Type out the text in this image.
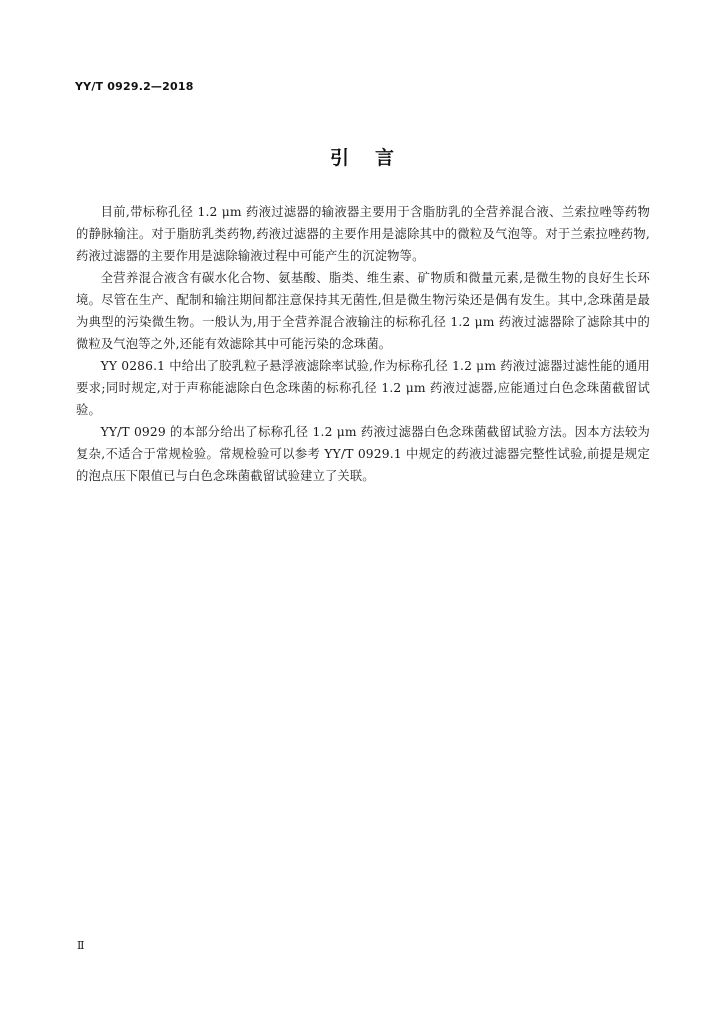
YY/T 0929.2—2018
引言

目前,带标称孔径 1.2 μm 药液过滤器的输液器主要用于含脂肪乳的全营养混合液、兰索拉唑等药物的静脉输注。对于脂肪乳类药物,药液过滤器的主要作用是滤除其中的微粒及气泡等。对于兰索拉唑药物,药液过滤器的主要作用是滤除输液过程中可能产生的沉淀物等。

全营养混合液含有碳水化合物、氨基酸、脂类、维生素、矿物质和微量元素,是微生物的良好生长环境。尽管在生产、配制和输注期间都注意保持其无菌性,但是微生物污染还是偶有发生。其中,念珠菌是最为典型的污染微生物。一般认为,用于全营养混合液输注的标称孔径 1.2 μm 药液过滤器除了滤除其中的微粒及气泡等之外,还能有效滤除其中可能污染的念珠菌。

YY 0286.1 中给出了胶乳粒子悬浮液滤除率试验,作为标称孔径 1.2 μm 药液过滤器过滤性能的通用要求;同时规定,对于声称能滤除白色念珠菌的标称孔径 1.2 μm 药液过滤器,应能通过白色念珠菌截留试验。

YY/T 0929 的本部分给出了标称孔径 1.2 μm 药液过滤器白色念珠菌截留试验方法。因本方法较为复杂,不适合于常规检验。常规检验可以参考 YY/T 0929.1 中规定的药液过滤器完整性试验,前提是规定的泡点压下限值已与白色念珠菌截留试验建立了关联。

Ⅱ
